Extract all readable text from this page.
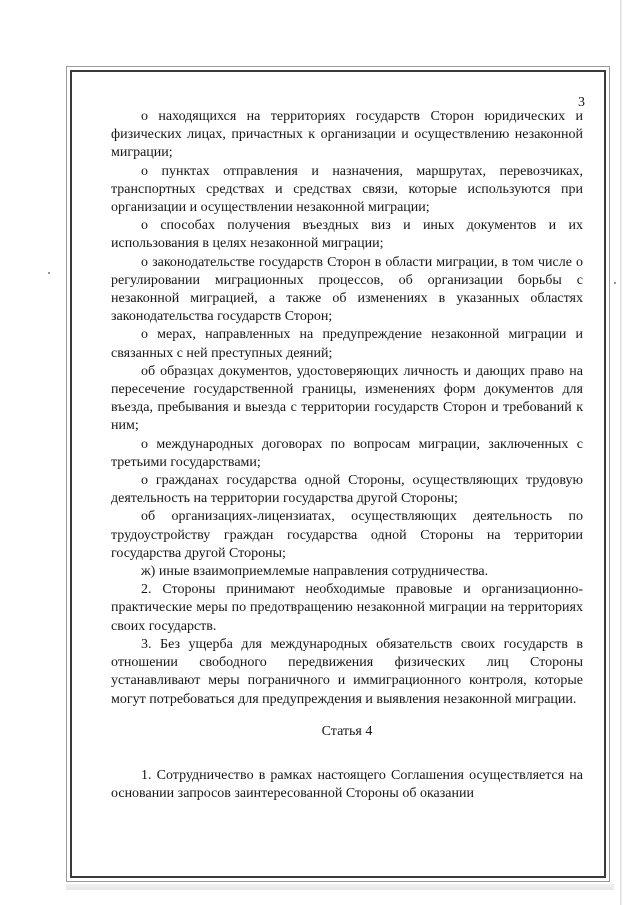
3

о находящихся на территориях государств Сторон юридических и физических лицах, причастных к организации и осуществлению незаконной миграции;

о пунктах отправления и назначения, маршрутах, перевозчиках, транспортных средствах и средствах связи, которые используются при организации и осуществлении незаконной миграции;

о способах получения въездных виз и иных документов и их использования в целях незаконной миграции;

о законодательстве государств Сторон в области миграции, в том числе о регулировании миграционных процессов, об организации борьбы с незаконной миграцией, а также об изменениях в указанных областях законодательства государств Сторон;

о мерах, направленных на предупреждение незаконной миграции и связанных с ней преступных деяний;

об образцах документов, удостоверяющих личность и дающих право на пересечение государственной границы, изменениях форм документов для въезда, пребывания и выезда с территории государств Сторон и требований к ним;

о международных договорах по вопросам миграции, заключенных с третьими государствами;

о гражданах государства одной Стороны, осуществляющих трудовую деятельность на территории государства другой Стороны;

об организациях-лицензиатах, осуществляющих деятельность по трудоустройству граждан государства одной Стороны на территории государства другой Стороны;

ж) иные взаимоприемлемые направления сотрудничества.

2. Стороны принимают необходимые правовые и организационно-практические меры по предотвращению незаконной миграции на территориях своих государств.

3. Без ущерба для международных обязательств своих государств в отношении свободного передвижения физических лиц Стороны устанавливают меры пограничного и иммиграционного контроля, которые могут потребоваться для предупреждения и выявления незаконной миграции.

Статья 4

1. Сотрудничество в рамках настоящего Соглашения осуществляется на основании запросов заинтересованной Стороны об оказании
